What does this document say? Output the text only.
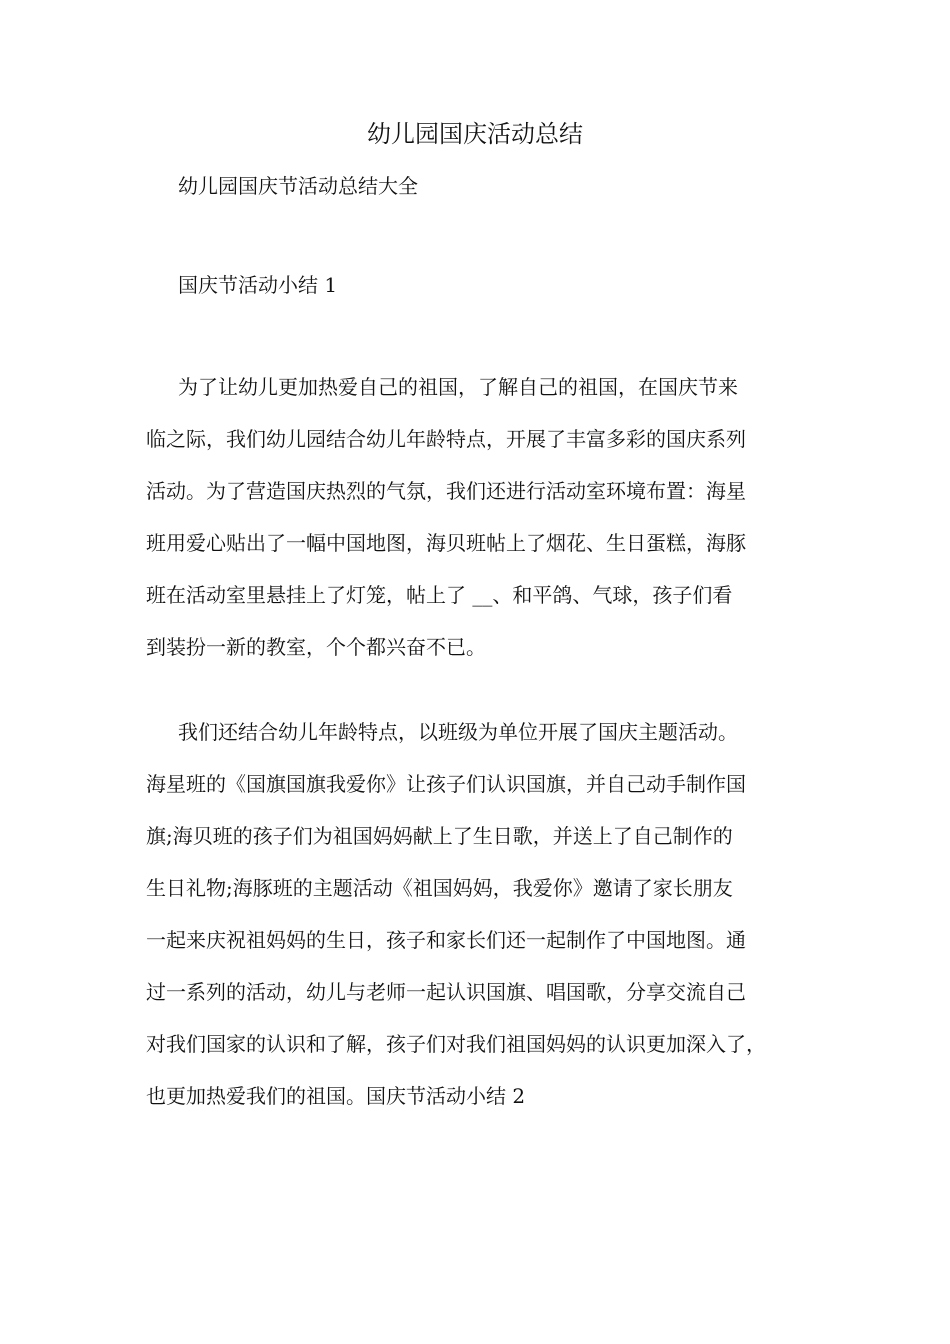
幼儿园国庆活动总结
幼儿园国庆节活动总结大全
国庆节活动小结 1
为了让幼儿更加热爱自己的祖国，了解自己的祖国，在国庆节来
临之际，我们幼儿园结合幼儿年龄特点，开展了丰富多彩的国庆系列
活动。为了营造国庆热烈的气氛，我们还进行活动室环境布置：海星
班用爱心贴出了一幅中国地图，海贝班帖上了烟花、生日蛋糕，海豚
班在活动室里悬挂上了灯笼，帖上了 __、和平鸽、气球，孩子们看
到装扮一新的教室，个个都兴奋不已。
我们还结合幼儿年龄特点，以班级为单位开展了国庆主题活动。
海星班的《国旗国旗我爱你》让孩子们认识国旗，并自己动手制作国
旗;海贝班的孩子们为祖国妈妈献上了生日歌，并送上了自己制作的
生日礼物;海豚班的主题活动《祖国妈妈，我爱你》邀请了家长朋友
一起来庆祝祖妈妈的生日，孩子和家长们还一起制作了中国地图。通
过一系列的活动，幼儿与老师一起认识国旗、唱国歌，分享交流自己
对我们国家的认识和了解，孩子们对我们祖国妈妈的认识更加深入了，
也更加热爱我们的祖国。国庆节活动小结 2
